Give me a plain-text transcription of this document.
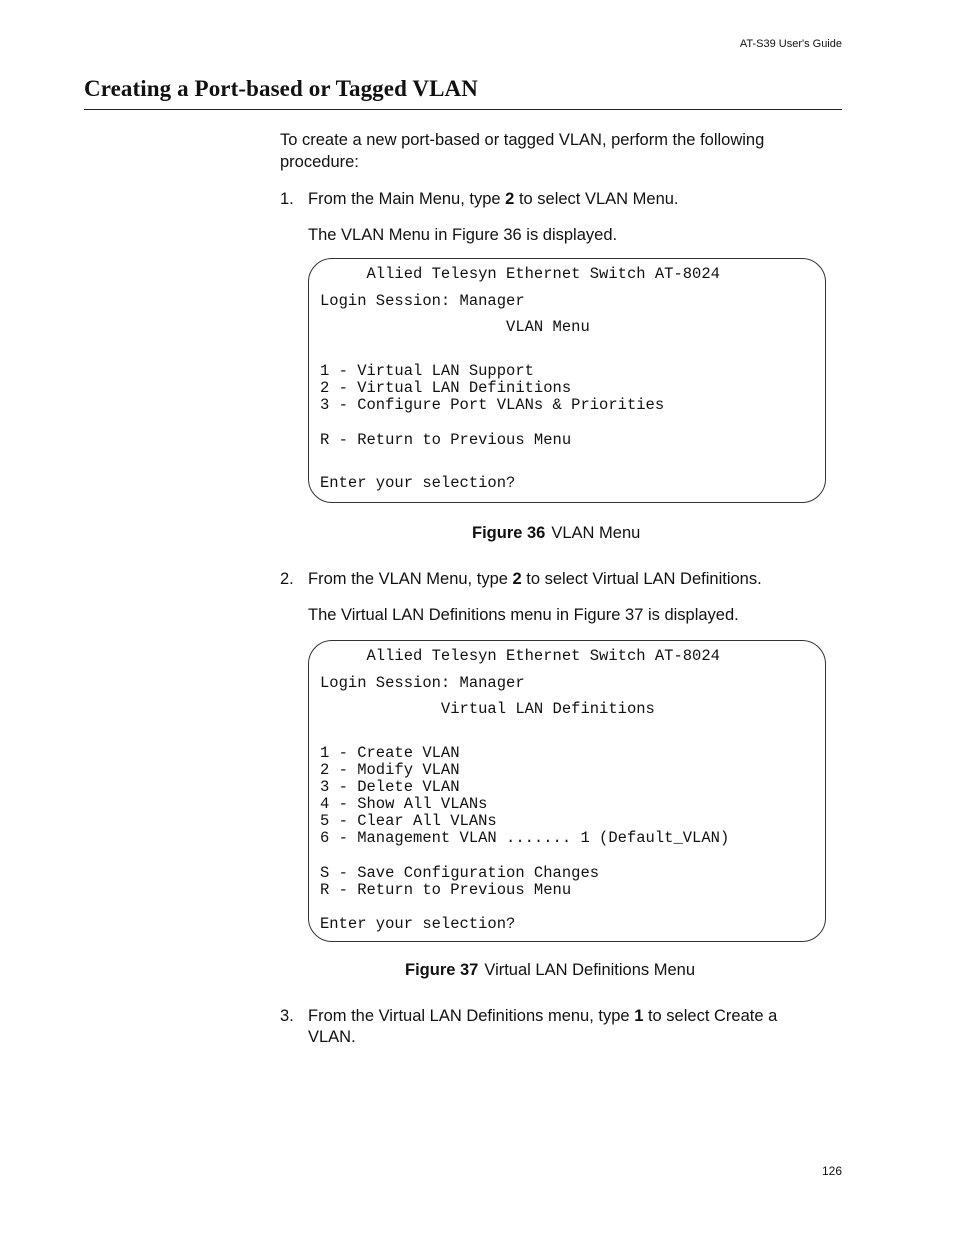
AT-S39 User's Guide
Creating a Port-based or Tagged VLAN

To create a new port-based or tagged VLAN, perform the following

procedure:

1. From the Main Menu, type 2 to select VLAN Menu.
The VLAN Menu in Figure 36 is displayed.
Allied Telesyn Ethernet Switch AT-8024
Login Session: Manager
VLAN Menu
1 - Virtual LAN Support
2 - Virtual LAN Definitions
3 - Configure Port VLANs & Priorities
R - Return to Previous Menu
Enter your selection?
Figure 36 VLAN Menu
2. From the VLAN Menu, type 2 to select Virtual LAN Definitions.
The Virtual LAN Definitions menu in Figure 37 is displayed.
Allied Telesyn Ethernet Switch AT-8024
Login Session: Manager
Virtual LAN Definitions
1 - Create VLAN
2 - Modify VLAN
3 - Delete VLAN
4 - Show All VLANs
5 - Clear All VLANs
6 - Management VLAN ....... 1 (Default_VLAN)
S - Save Configuration Changes
R - Return to Previous Menu
Enter your selection?
Figure 37 Virtual LAN Definitions Menu
3. From the Virtual LAN Definitions menu, type 1 to select Create a
VLAN.
126
